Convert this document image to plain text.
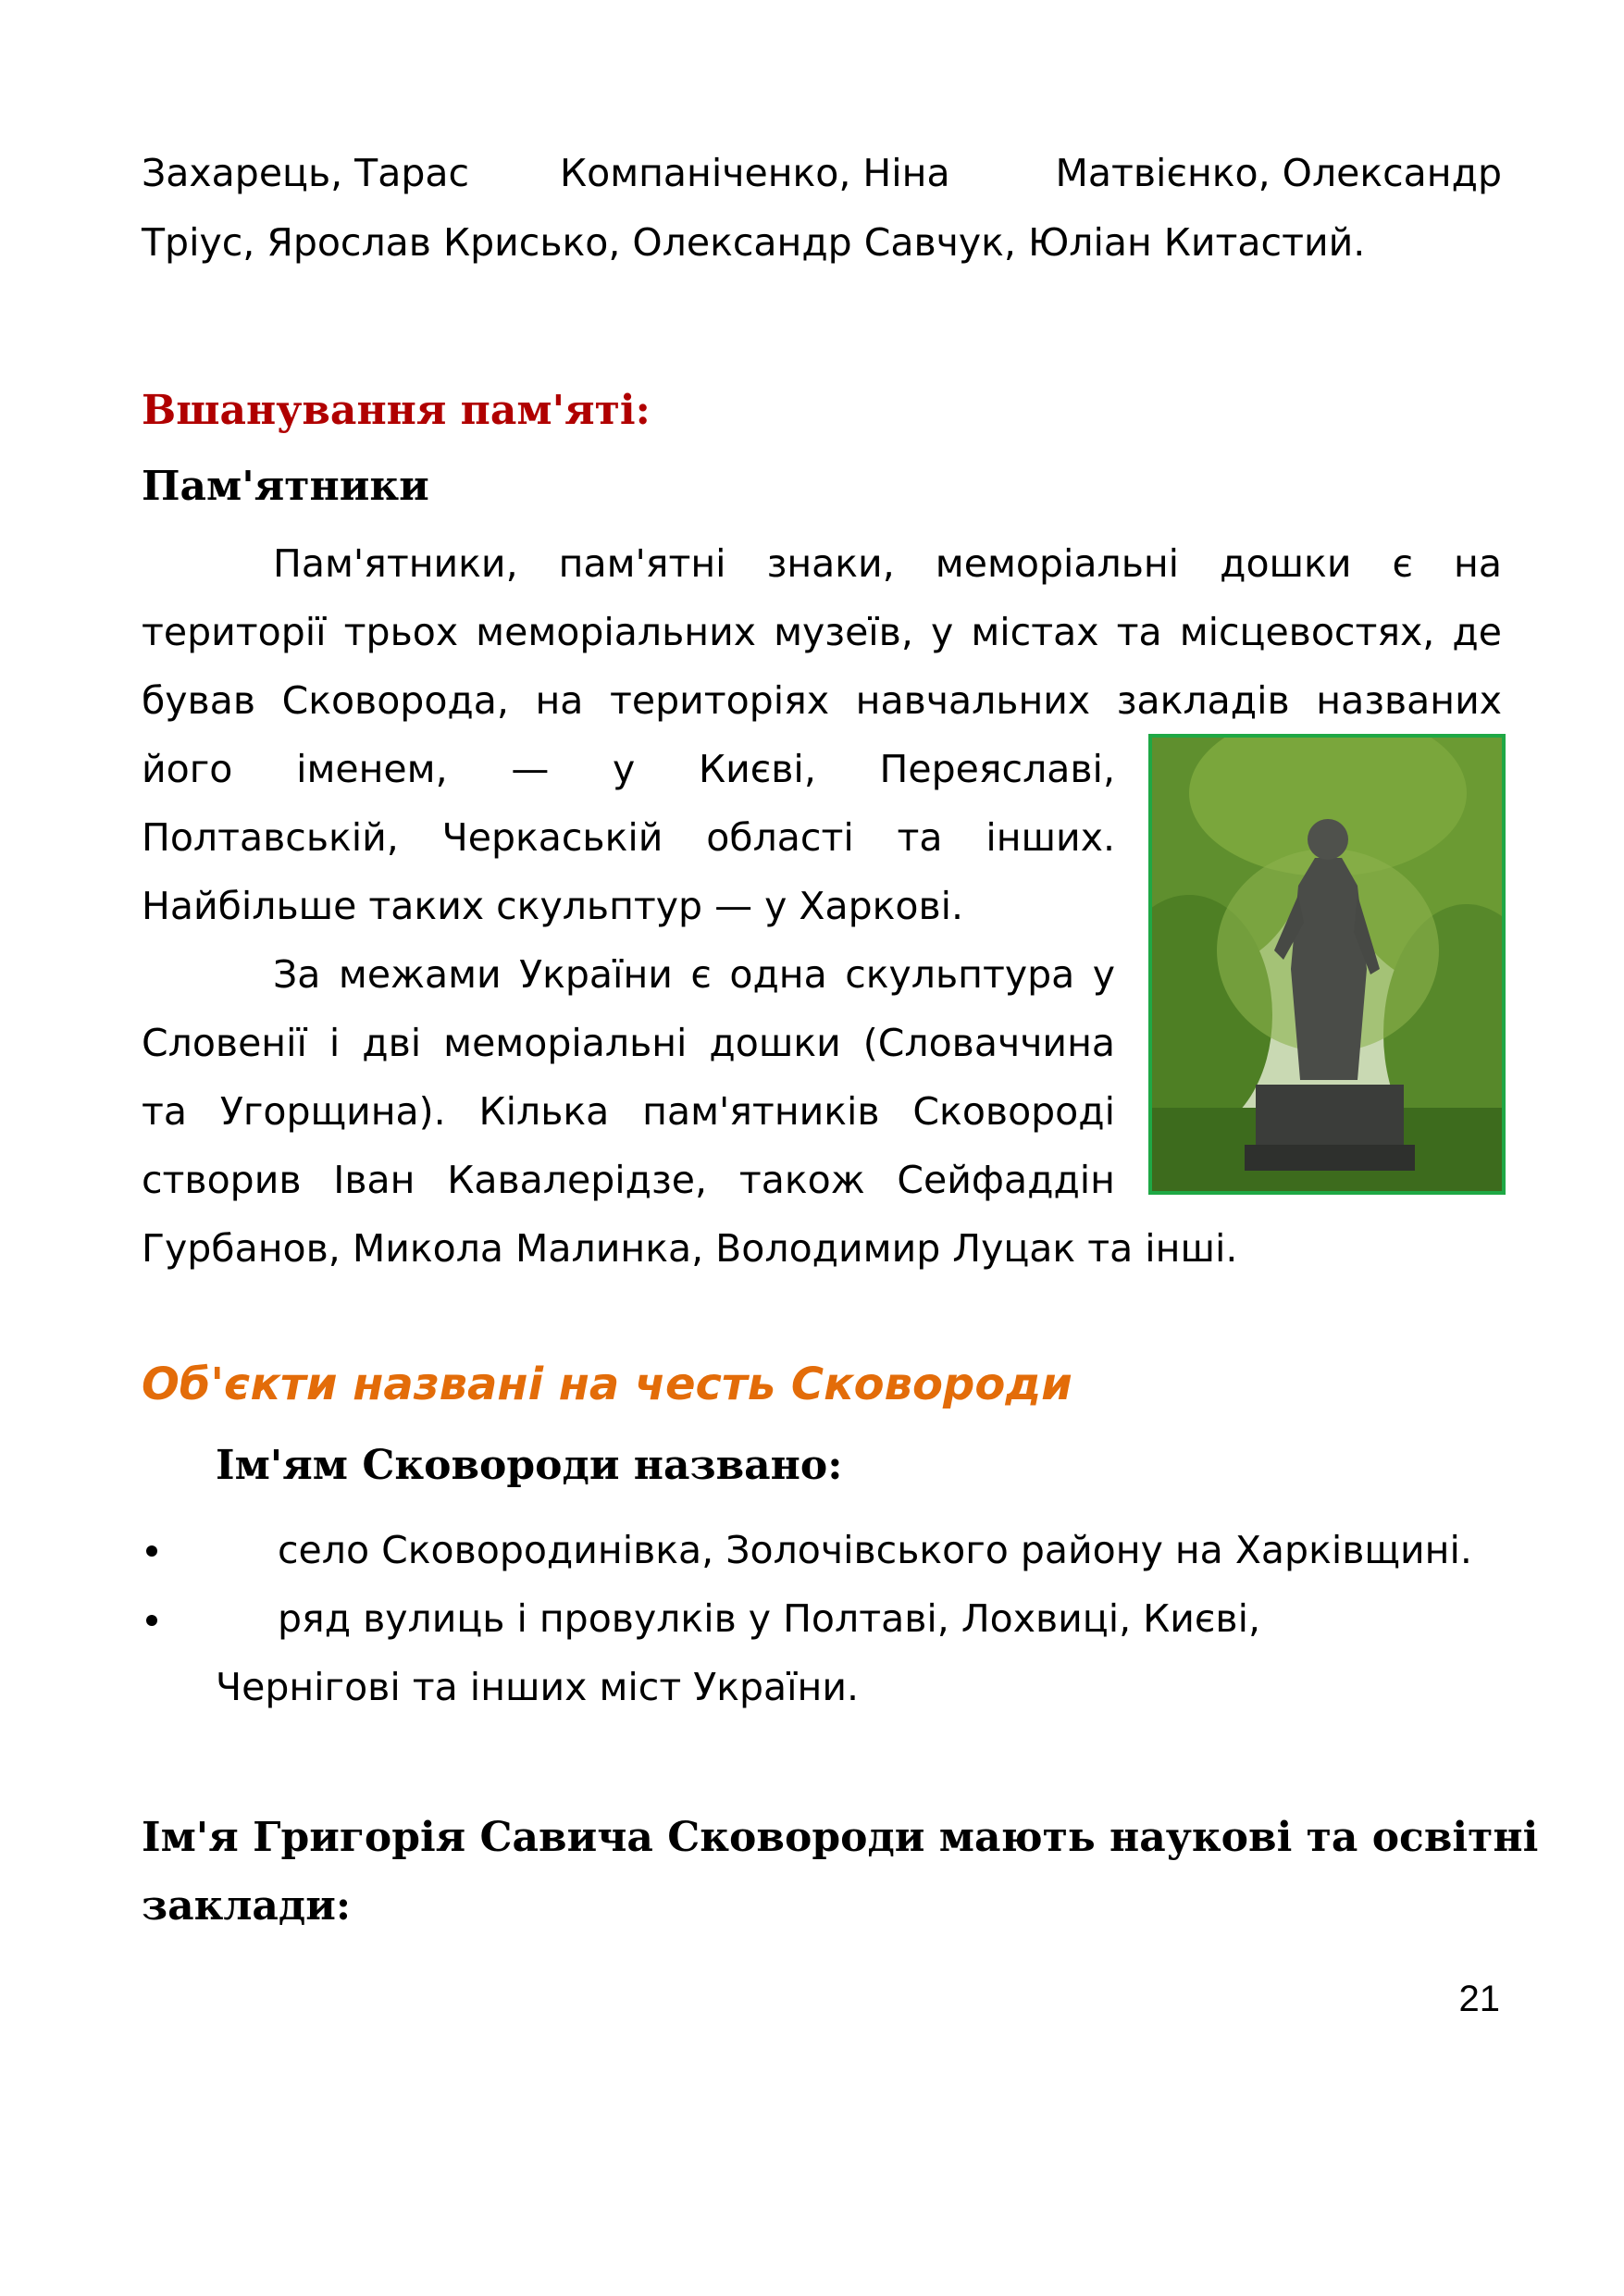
Захарець, Тарас Компаніченко, Ніна	Матвієнко, Олександр
Тріус, Ярослав Крисько, Олександр Савчук, Юліан Китастий.
Вшанування пам'яті:
Пам'ятники
Пам'ятники, пам'ятні знаки, меморіальні дошки є на
території трьох меморіальних музеїв, у містах та місцевостях, де
бував Сковорода, на територіях навчальних закладів названих
його іменем, — у Києві, Переяславі,
Полтавській, Черкаській області та інших.
Найбільше таких скульптур — у Харкові.
За межами України є одна скульптура у
Словенії і дві меморіальні дошки (Словаччина
та Угорщина). Кілька пам'ятників Сковороді
створив Іван Кавалерідзе, також Сейфаддін
Гурбанов, Микола Малинка, Володимир Луцак та інші.
Об'єкти названі на честь Сковороди
Ім'ям Сковороди названо:
село Сковородинівка, Золочівського району на Харківщині.
ряд вулиць і провулків у Полтаві, Лохвиці, Києві,
Чернігові та інших міст України.
Ім'я Григорія Савича Сковороди мають наукові та освітні
заклади:
21
